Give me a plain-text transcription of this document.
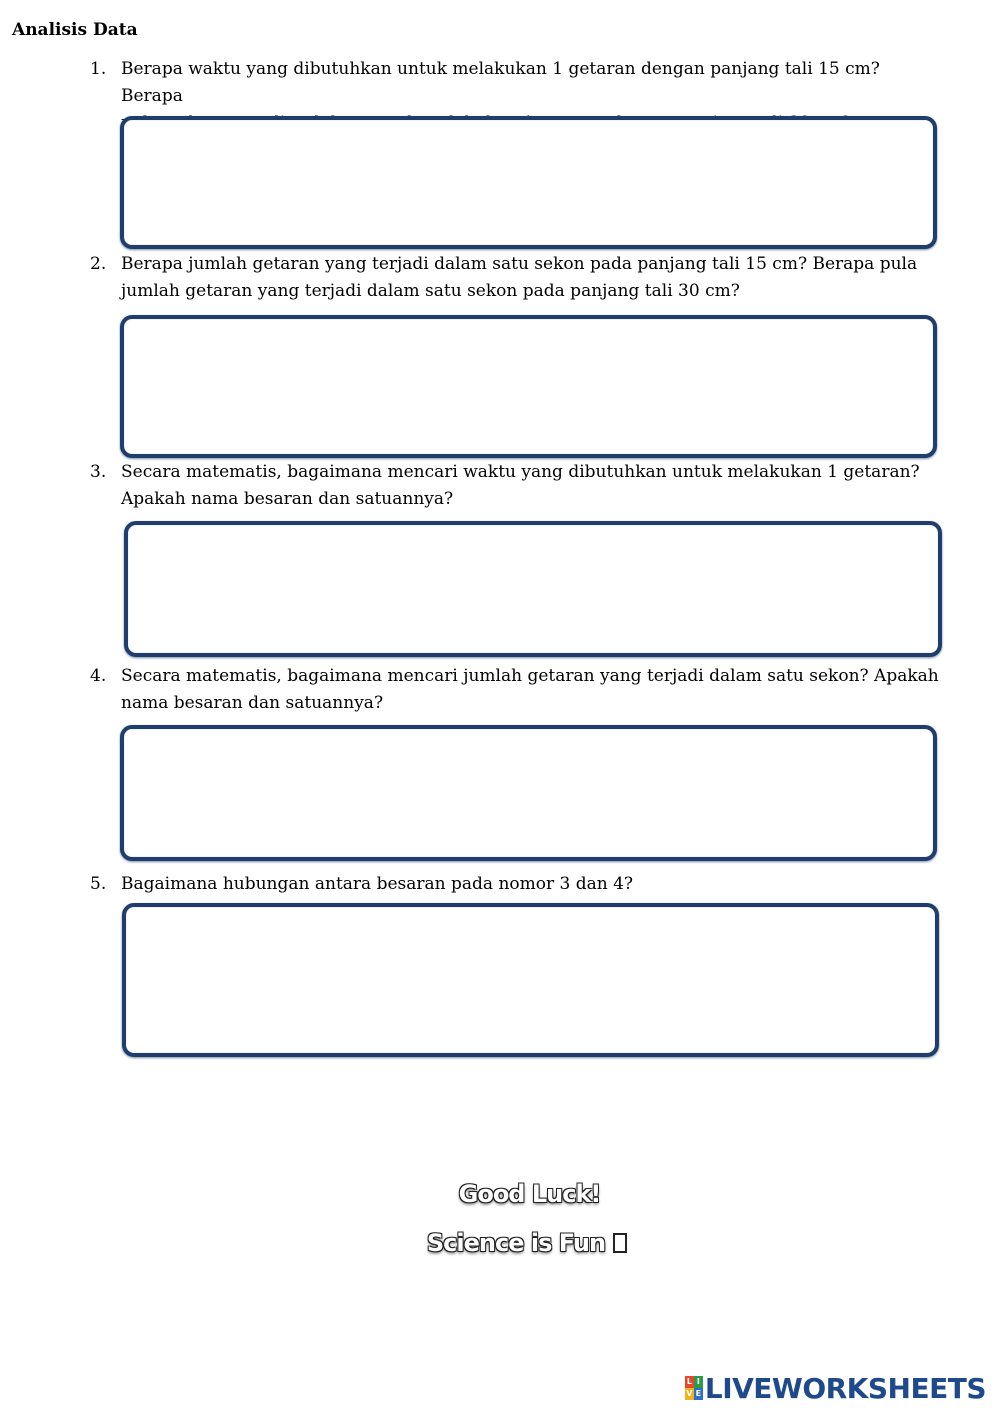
Analisis Data
1. Berapa waktu yang dibutuhkan untuk melakukan 1 getaran dengan panjang tali 15 cm? Berapa
2. Berapa jumlah getaran yang terjadi dalam satu sekon pada panjang tali 15 cm? Berapa pula
jumlah getaran yang terjadi dalam satu sekon pada panjang tali 30 cm?
3. Secara matematis, bagaimana mencari waktu yang dibutuhkan untuk melakukan 1 getaran?
Apakah nama besaran dan satuannya?
4. Secara matematis, bagaimana mencari jumlah getaran yang terjadi dalam satu sekon? Apakah
nama besaran dan satuannya?
5. Bagaimana hubungan antara besaran pada nomor 3 dan 4?
Good Luck!
Science is Fun
L I
V E LIVEWORKSHEETS
